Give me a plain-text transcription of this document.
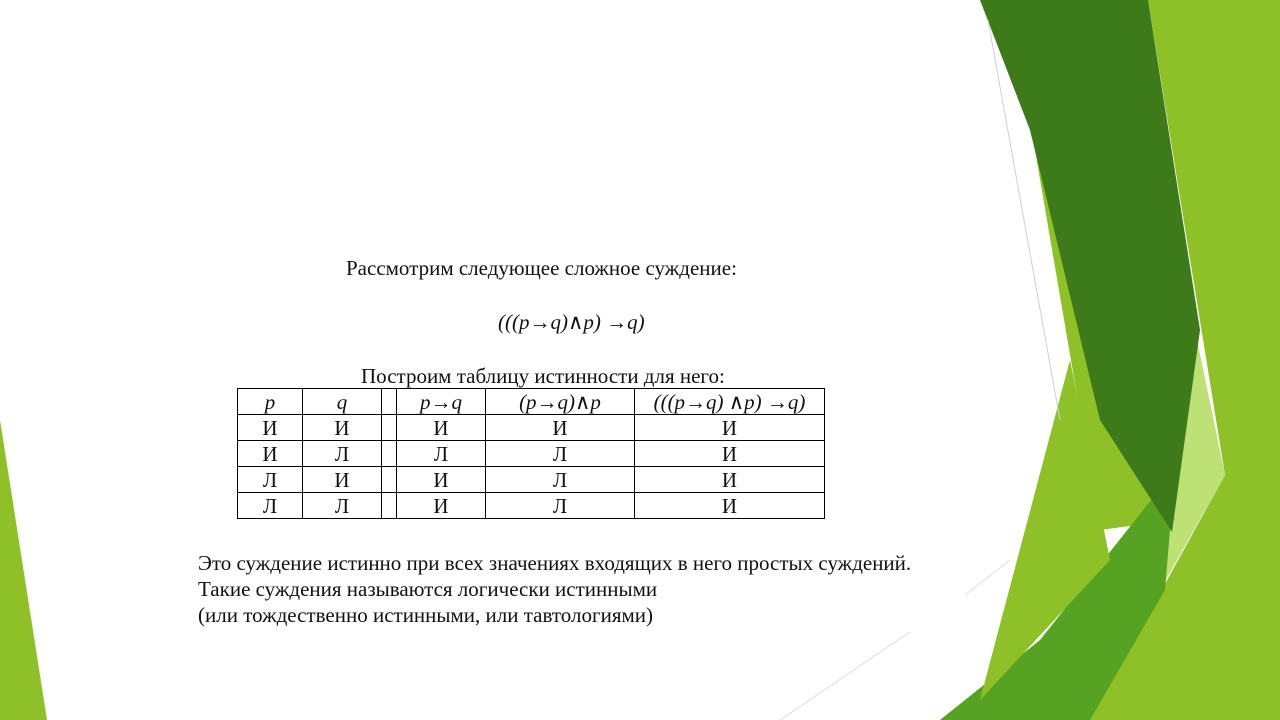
Рассмотрим следующее сложное суждение:
(((p→q)∧p) →q)
Построим таблицу истинности для него:
p	q		p→q	(p→q)∧p	(((p→q) ∧p) →q)
И	И		И	И	И
И	Л		Л	Л	И
Л	И		И	Л	И
Л	Л		И	Л	И
Это суждение истинно при всех значениях входящих в него простых суждений.
Такие суждения называются логически истинными
(или тождественно истинными, или тавтологиями)
